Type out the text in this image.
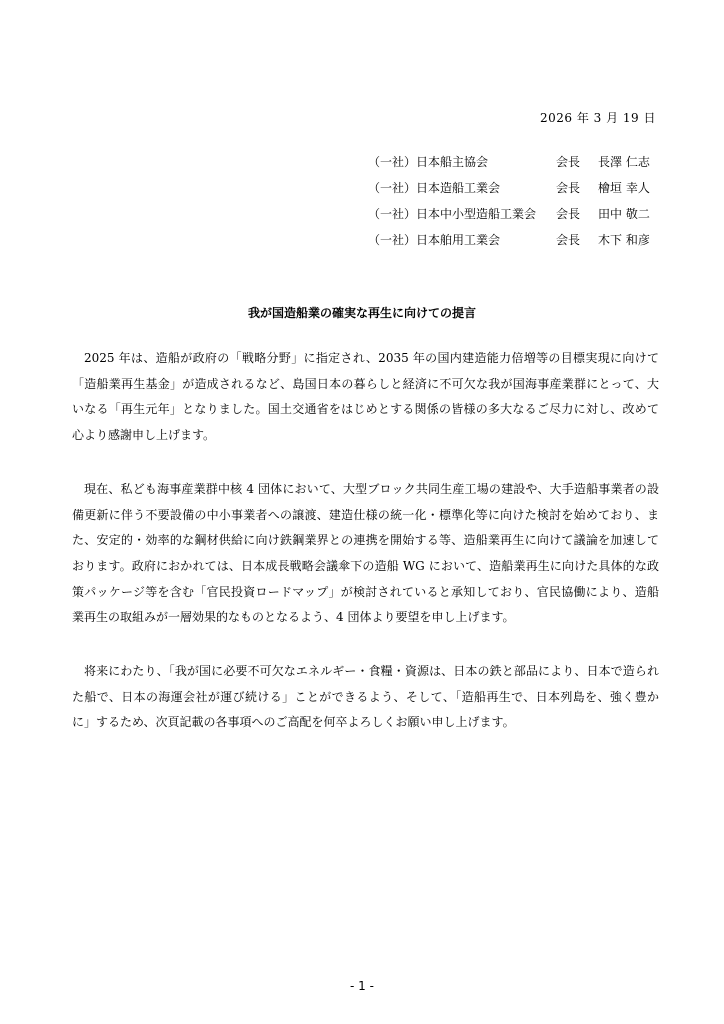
2026 年 3 月 19 日
（一社）日本船主協会	会長 長澤 仁志
（一社）日本造船工業会	会長 檜垣 幸人
（一社）日本中小型造船工業会 会長 田中 敬二
（一社）日本舶用工業会	会長 木下 和彦
我が国造船業の確実な再生に向けての提言

2025 年は、造船が政府の「戦略分野」に指定され、2035 年の国内建造能力倍増等の目標実現に向けて「造船業再生基金」が造成されるなど、島国日本の暮らしと経済に不可欠な我が国海事産業群にとって、大いなる「再生元年」となりました。国土交通省をはじめとする関係の皆様の多大なるご尽力に対し、改めて心より感謝申し上げます。

現在、私ども海事産業群中核 4 団体において、大型ブロック共同生産工場の建設や、大手造船事業者の設備更新に伴う不要設備の中小事業者への譲渡、建造仕様の統一化・標準化等に向けた検討を始めており、また、安定的・効率的な鋼材供給に向け鉄鋼業界との連携を開始する等、造船業再生に向けて議論を加速しております。政府におかれては、日本成長戦略会議傘下の造船 WG において、造船業再生に向けた具体的な政策パッケージ等を含む「官民投資ロードマップ」が検討されていると承知しており、官民協働により、造船業再生の取組みが一層効果的なものとなるよう、4 団体より要望を申し上げます。

将来にわたり、「我が国に必要不可欠なエネルギー・食糧・資源は、日本の鉄と部品により、日本で造られた船で、日本の海運会社が運び続ける」ことができるよう、そして、「造船再生で、日本列島を、強く豊かに」するため、次頁記載の各事項へのご高配を何卒よろしくお願い申し上げます。

- 1 -
